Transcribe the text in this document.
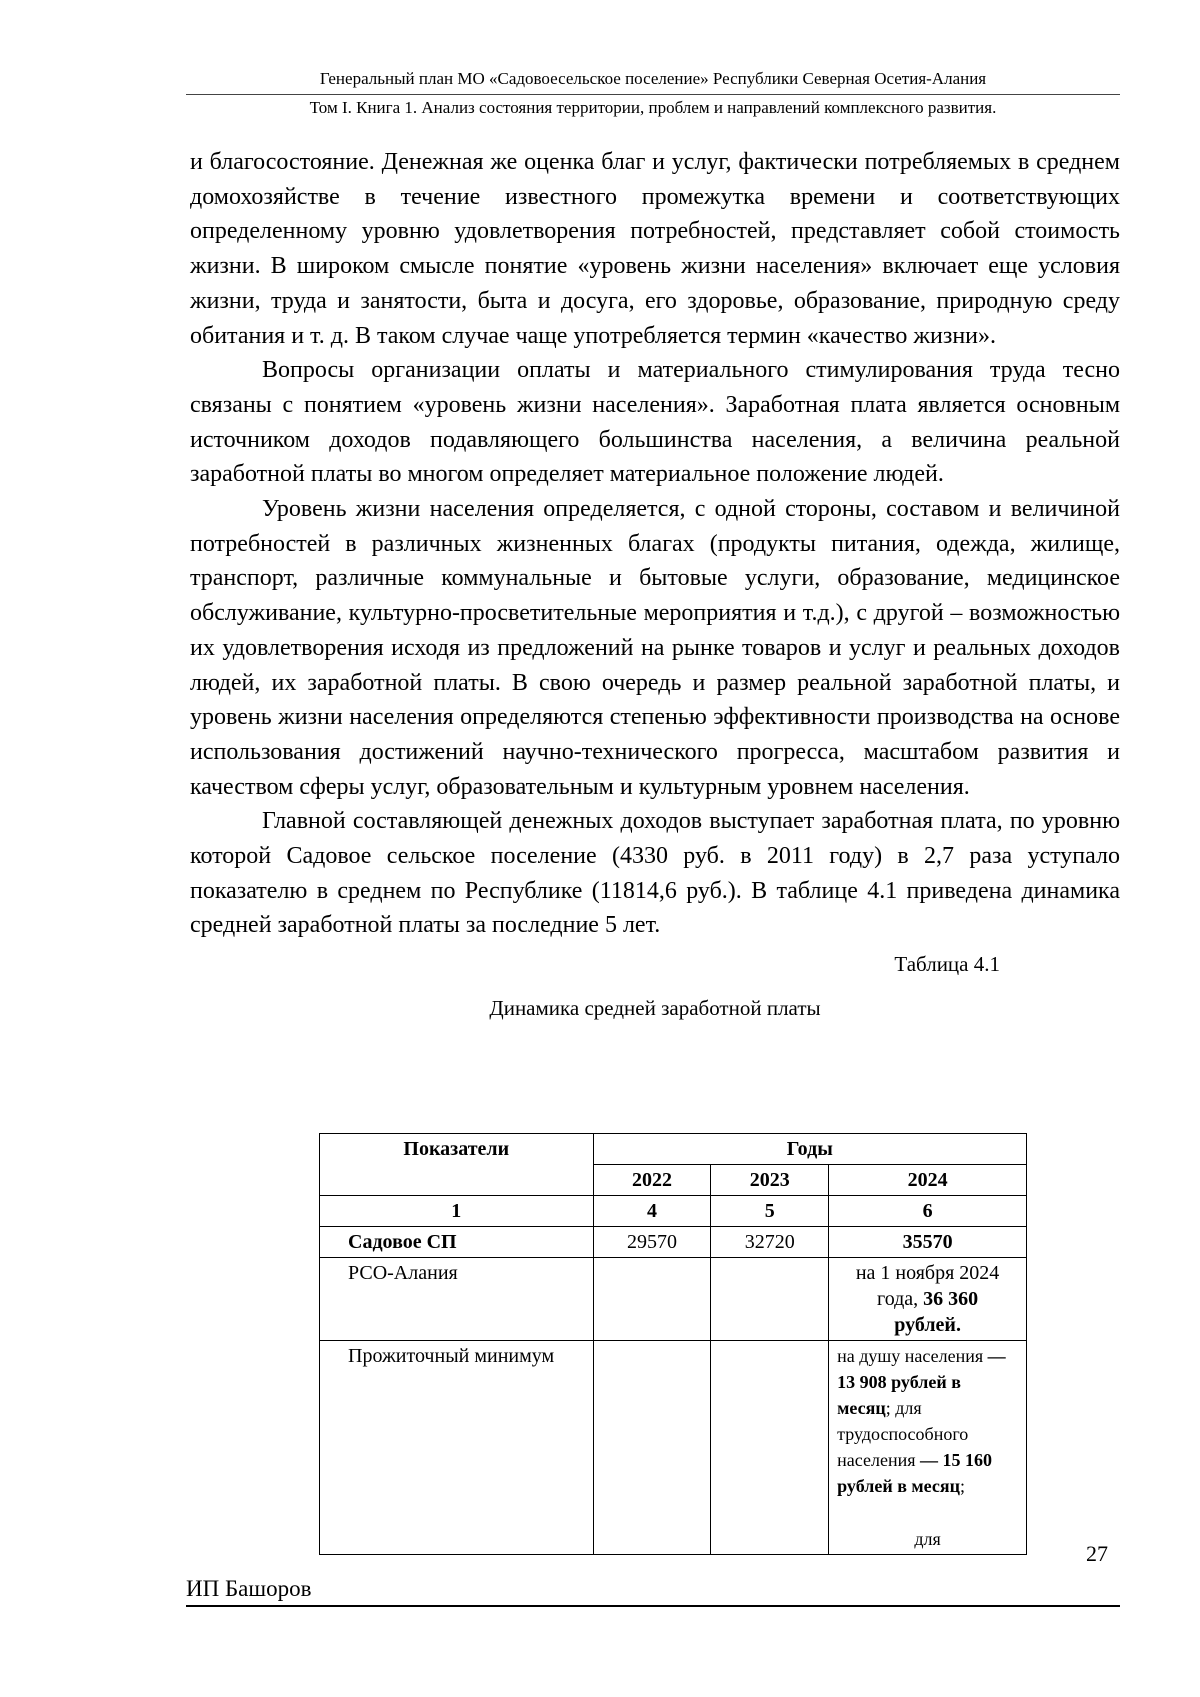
Генеральный план МО «Садовоесельское поселение» Республики Северная Осетия-Алания
Том I. Книга 1. Анализ состояния территории, проблем и направлений комплексного развития.

и благосостояние. Денежная же оценка благ и услуг, фактически потребляемых в среднем домохозяйстве в течение известного промежутка времени и соответствующих определенному уровню удовлетворения потребностей, представляет собой стоимость жизни. В широком смысле понятие «уровень жизни населения» включает еще условия жизни, труда и занятости, быта и досуга, его здоровье, образование, природную среду обитания и т. д. В таком случае чаще употребляется термин «качество жизни».

Вопросы организации оплаты и материального стимулирования труда тесно связаны с понятием «уровень жизни населения». Заработная плата является основным источником доходов подавляющего большинства населения, а величина реальной заработной платы во многом определяет материальное положение людей.

Уровень жизни населения определяется, с одной стороны, составом и величиной потребностей в различных жизненных благах (продукты питания, одежда, жилище, транспорт, различные коммунальные и бытовые услуги, образование, медицинское обслуживание, культурно-просветительные мероприятия и т.д.), с другой – возможностью их удовлетворения исходя из предложений на рынке товаров и услуг и реальных доходов людей, их заработной платы. В свою очередь и размер реальной заработной платы, и уровень жизни населения определяются степенью эффективности производства на основе использования достижений научно-технического прогресса, масштабом развития и качеством сферы услуг, образовательным и культурным уровнем населения.

Главной составляющей денежных доходов выступает заработная плата, по уровню которой Садовое сельское поселение (4330 руб. в 2011 году) в 2,7 раза уступало показателю в среднем по Республике (11814,6 руб.). В таблице 4.1 приведена динамика средней заработной платы за последние 5 лет.

Таблица 4.1
Динамика средней заработной платы
Показатели	Годы		
	2022	2023	2024
1	4	5	6
Садовое СП	29570	32720	35570
РСО-Алания			на 1 ноября 2024 года, 36 360 рублей.
Прожиточный минимум			на душу населения — 13 908 рублей в месяц; для трудоспособного населения — 15 160 рублей в месяц;
для
27
ИП Башоров
